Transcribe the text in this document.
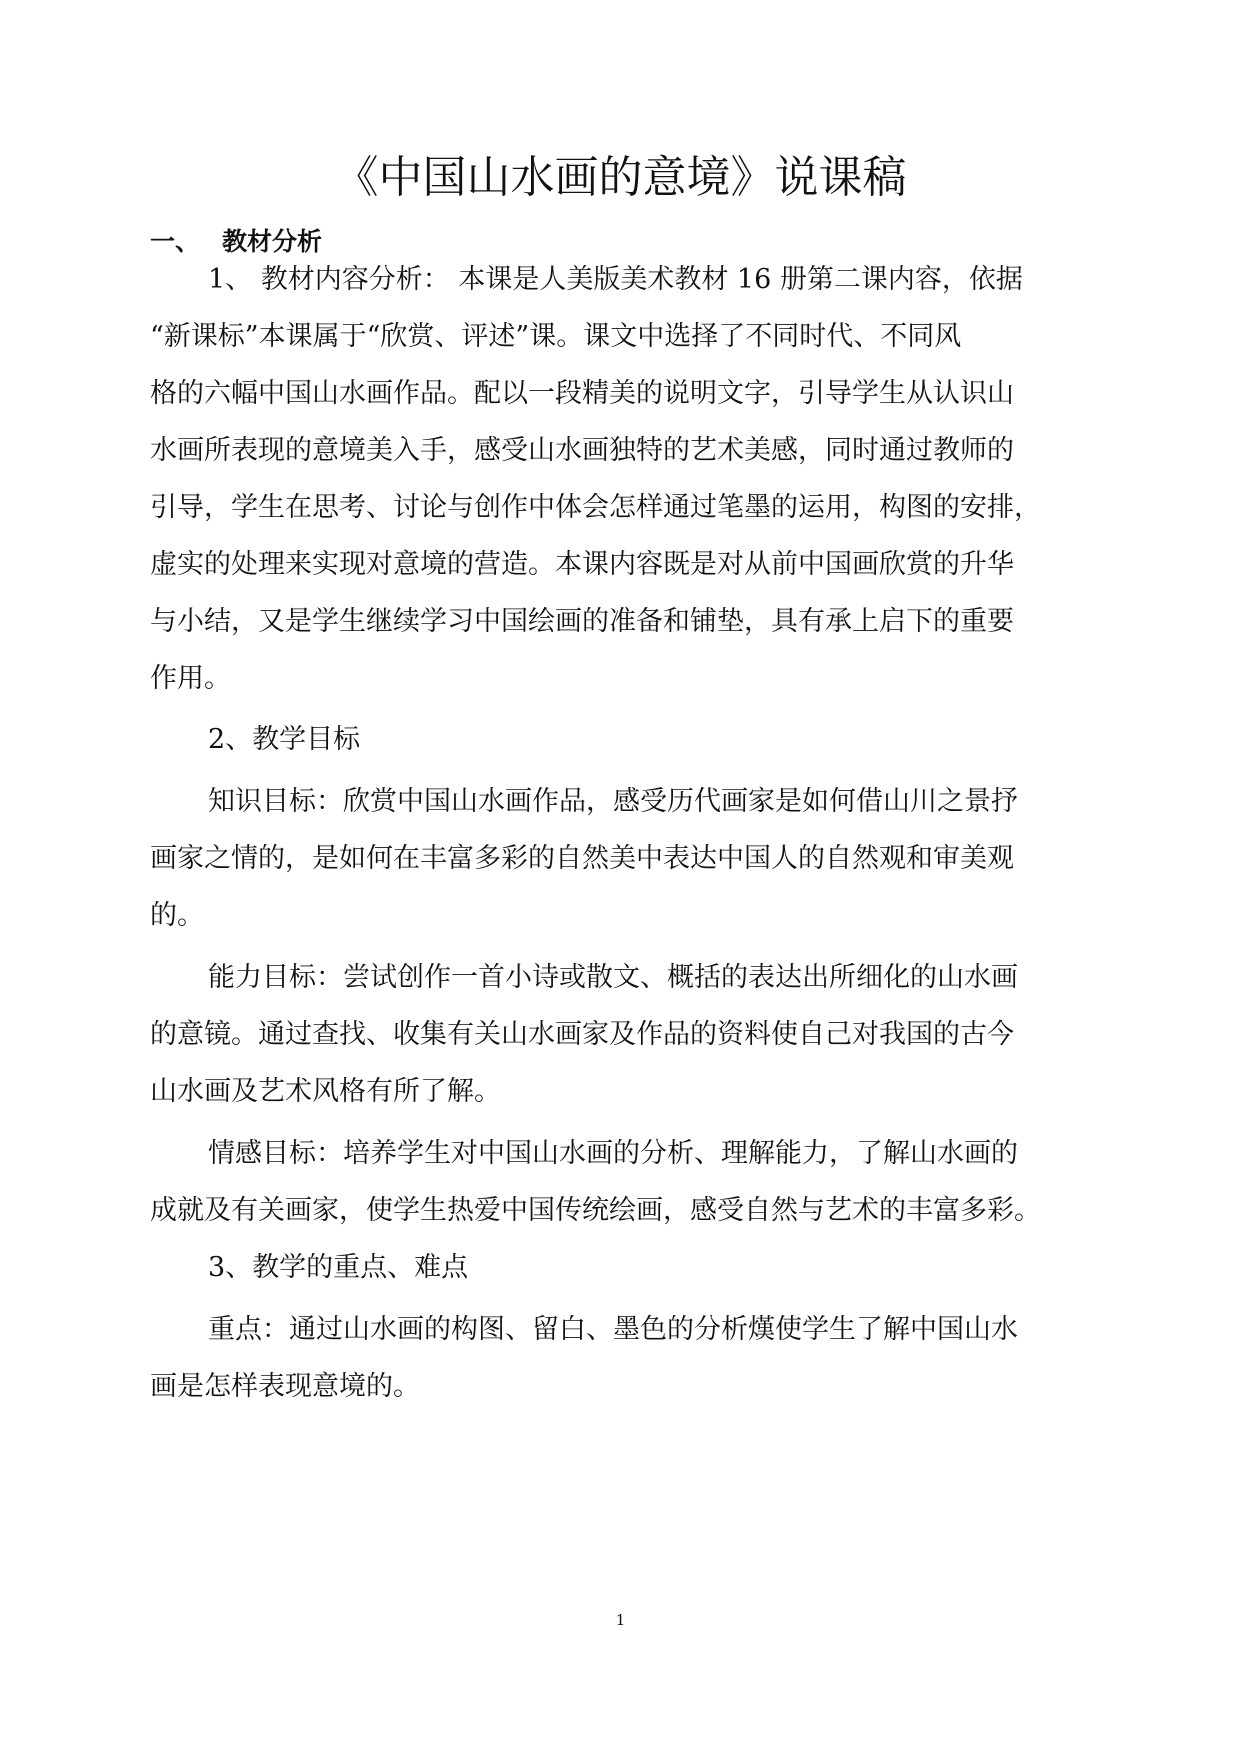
《中国山水画的意境》说课稿
一、 教材分析
1、 教材内容分析： 本课是人美版美术教材 16 册第二课内容，依据
“新课标”本课属于“欣赏、评述”课。课文中选择了不同时代、不同风
格的六幅中国山水画作品。配以一段精美的说明文字，引导学生从认识山
水画所表现的意境美入手，感受山水画独特的艺术美感，同时通过教师的
引导，学生在思考、讨论与创作中体会怎样通过笔墨的运用，构图的安排，
虚实的处理来实现对意境的营造。本课内容既是对从前中国画欣赏的升华
与小结，又是学生继续学习中国绘画的准备和铺垫，具有承上启下的重要
作用。
2、教学目标
知识目标：欣赏中国山水画作品，感受历代画家是如何借山川之景抒
画家之情的，是如何在丰富多彩的自然美中表达中国人的自然观和审美观
的。
能力目标：尝试创作一首小诗或散文、概括的表达出所细化的山水画
的意镜。通过查找、收集有关山水画家及作品的资料使自己对我国的古今
山水画及艺术风格有所了解。
情感目标：培养学生对中国山水画的分析、理解能力，了解山水画的
成就及有关画家，使学生热爱中国传统绘画，感受自然与艺术的丰富多彩。
3、教学的重点、难点
重点：通过山水画的构图、留白、墨色的分析熯使学生了解中国山水
画是怎样表现意境的。
1
